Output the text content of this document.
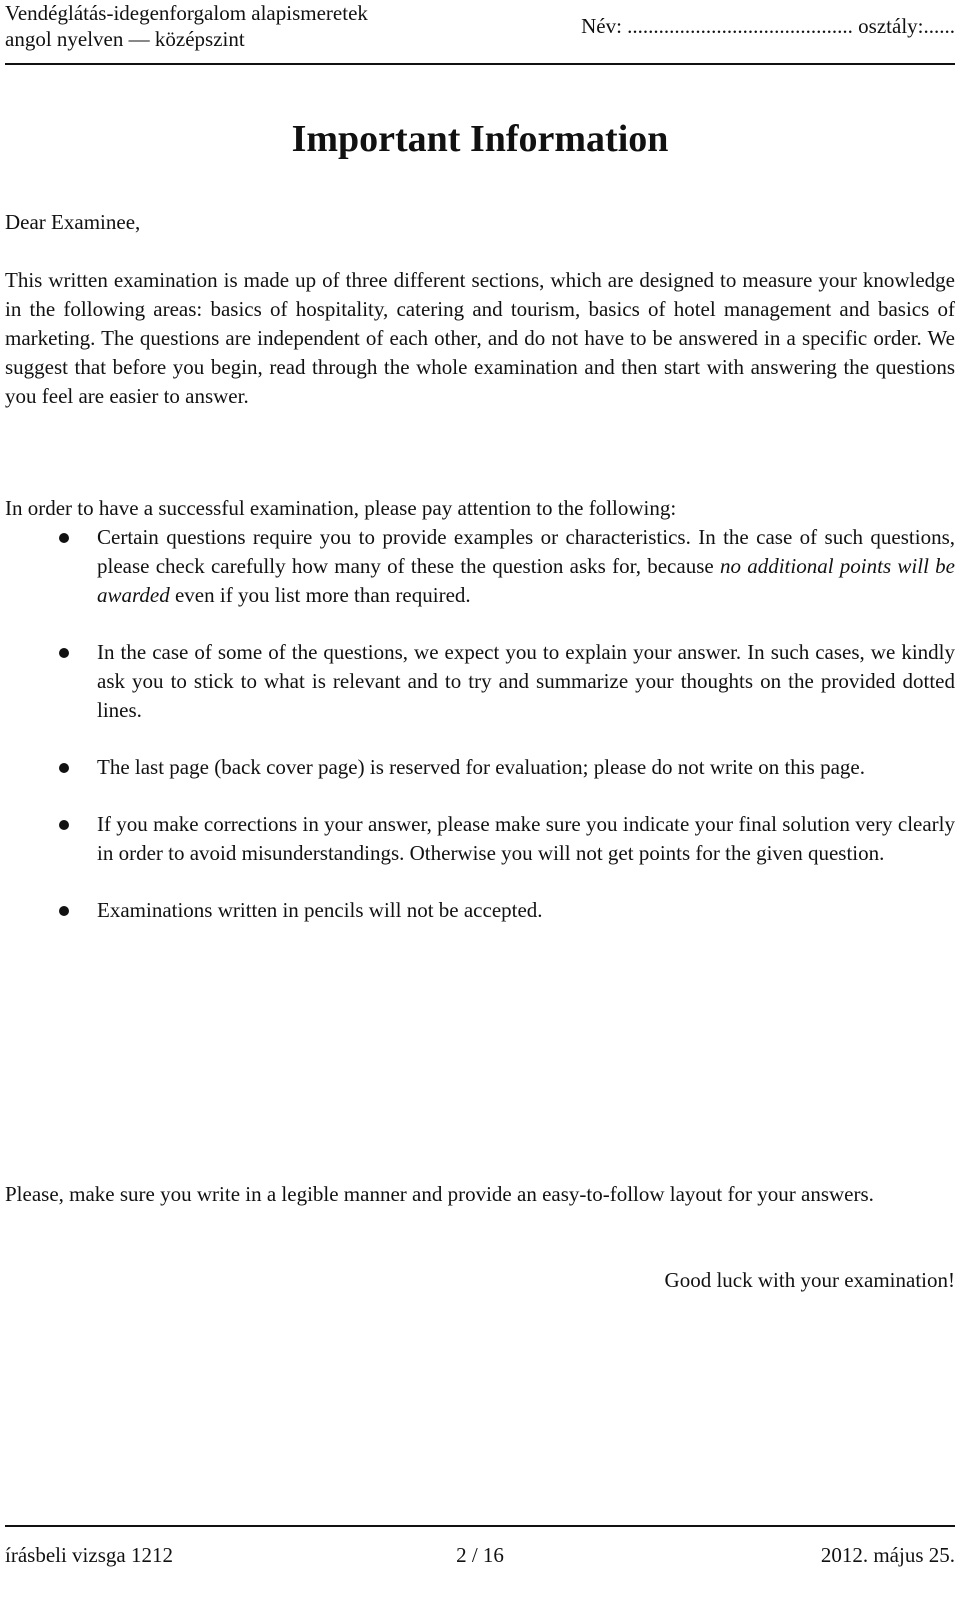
Vendéglátás-idegenforgalom alapismeretek
angol nyelven — középszint
Név: ........................................... osztály:......
Important Information
Dear Examinee,
This written examination is made up of three different sections, which are designed to measure your knowledge in the following areas: basics of hospitality, catering and tourism, basics of hotel management and basics of marketing. The questions are independent of each other, and do not have to be answered in a specific order. We suggest that before you begin, read through the whole examination and then start with answering the questions you feel are easier to answer.
In order to have a successful examination, please pay attention to the following:
Certain questions require you to provide examples or characteristics. In the case of such questions, please check carefully how many of these the question asks for, because no additional points will be awarded even if you list more than required.
In the case of some of the questions, we expect you to explain your answer. In such cases, we kindly ask you to stick to what is relevant and to try and summarize your thoughts on the provided dotted lines.
The last page (back cover page) is reserved for evaluation; please do not write on this page.
If you make corrections in your answer, please make sure you indicate your final solution very clearly in order to avoid misunderstandings. Otherwise you will not get points for the given question.
Examinations written in pencils will not be accepted.
Please, make sure you write in a legible manner and provide an easy-to-follow layout for your answers.
Good luck with your examination!
írásbeli vizsga 1212	2 / 16	2012. május 25.
